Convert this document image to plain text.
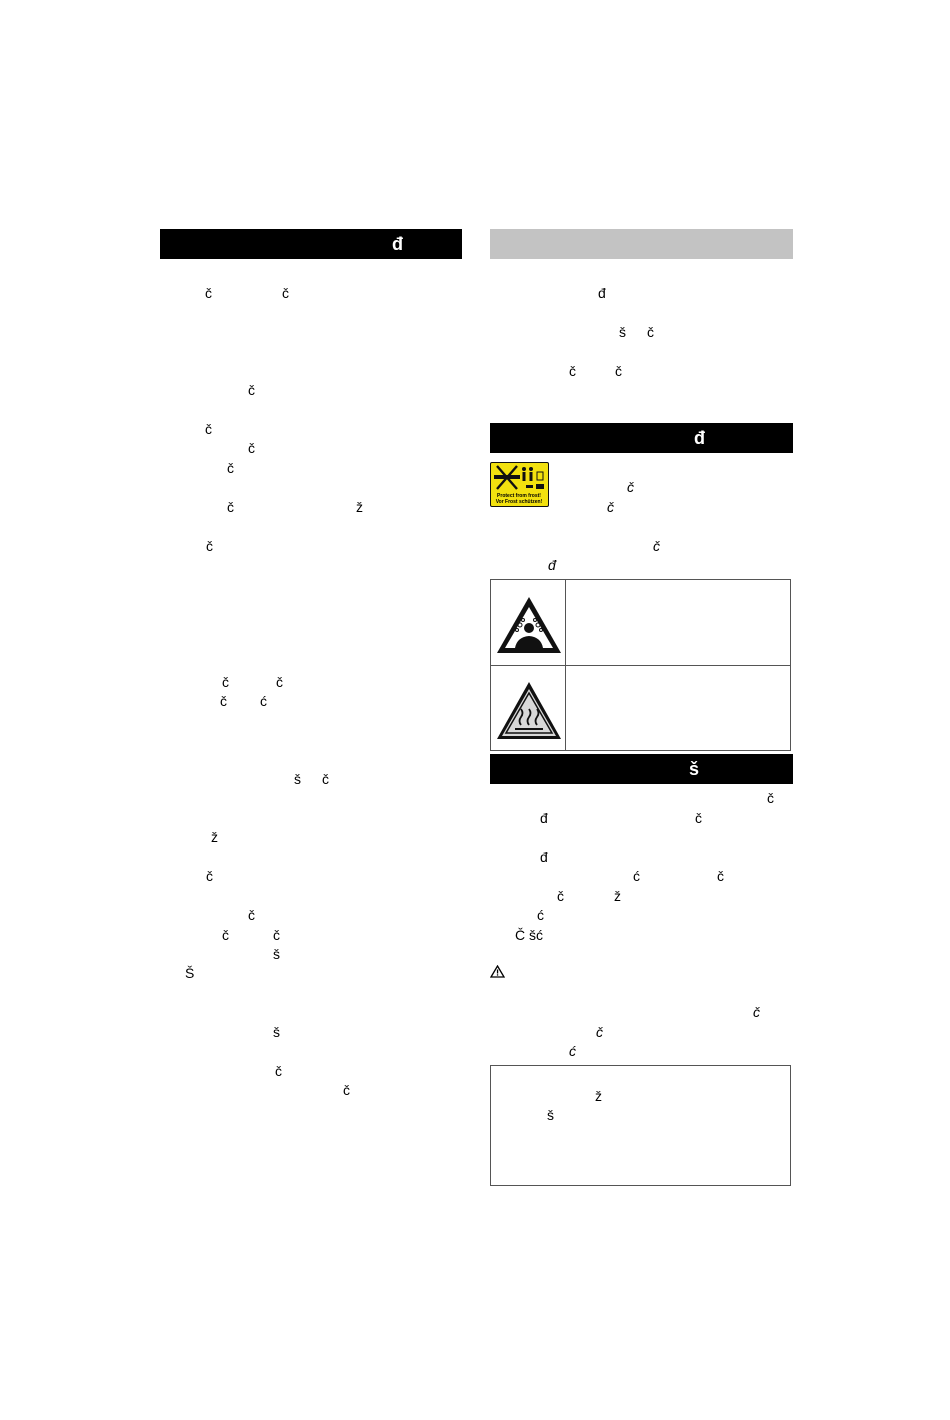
đ
č	č
č
č
č
č
č	ž
č
č	č
č ć
š č
ž
č
č
č	č
š
Š
š
č
č
đ
š č
č	č
đ
Protect from frost!
Vor Frost schützen!
č
č
č
đ
š
č
đ	č
đ
ć	č
č	ž
ć
Č šć
č
č
ć
ž
š
